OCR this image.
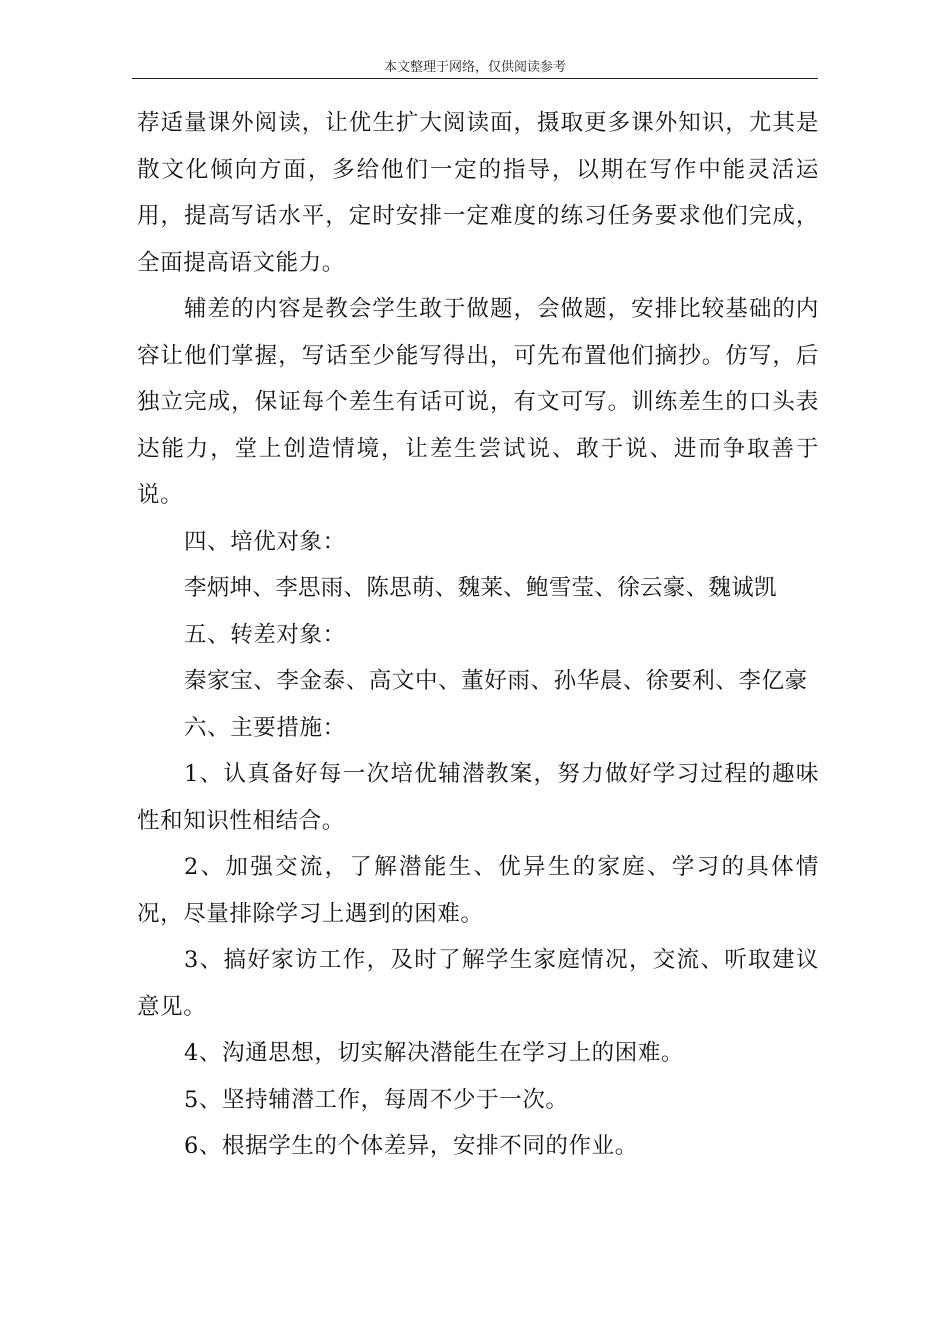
本文整理于网络，仅供阅读参考

荐适量课外阅读，让优生扩大阅读面，摄取更多课外知识，尤其是散文化倾向方面，多给他们一定的指导，以期在写作中能灵活运用，提高写话水平，定时安排一定难度的练习任务要求他们完成，全面提高语文能力。

辅差的内容是教会学生敢于做题，会做题，安排比较基础的内容让他们掌握，写话至少能写得出，可先布置他们摘抄。仿写，后独立完成，保证每个差生有话可说，有文可写。训练差生的口头表达能力，堂上创造情境，让差生尝试说、敢于说、进而争取善于说。

四、培优对象：

李炳坤、李思雨、陈思萌、魏莱、鲍雪莹、徐云豪、魏诚凯

五、转差对象：

秦家宝、李金泰、高文中、董好雨、孙华晨、徐要利、李亿豪

六、主要措施：

1、认真备好每一次培优辅潜教案，努力做好学习过程的趣味性和知识性相结合。

2、加强交流，了解潜能生、优异生的家庭、学习的具体情况，尽量排除学习上遇到的困难。

3、搞好家访工作，及时了解学生家庭情况，交流、听取建议意见。

4、沟通思想，切实解决潜能生在学习上的困难。

5、坚持辅潜工作，每周不少于一次。

6、根据学生的个体差异，安排不同的作业。
